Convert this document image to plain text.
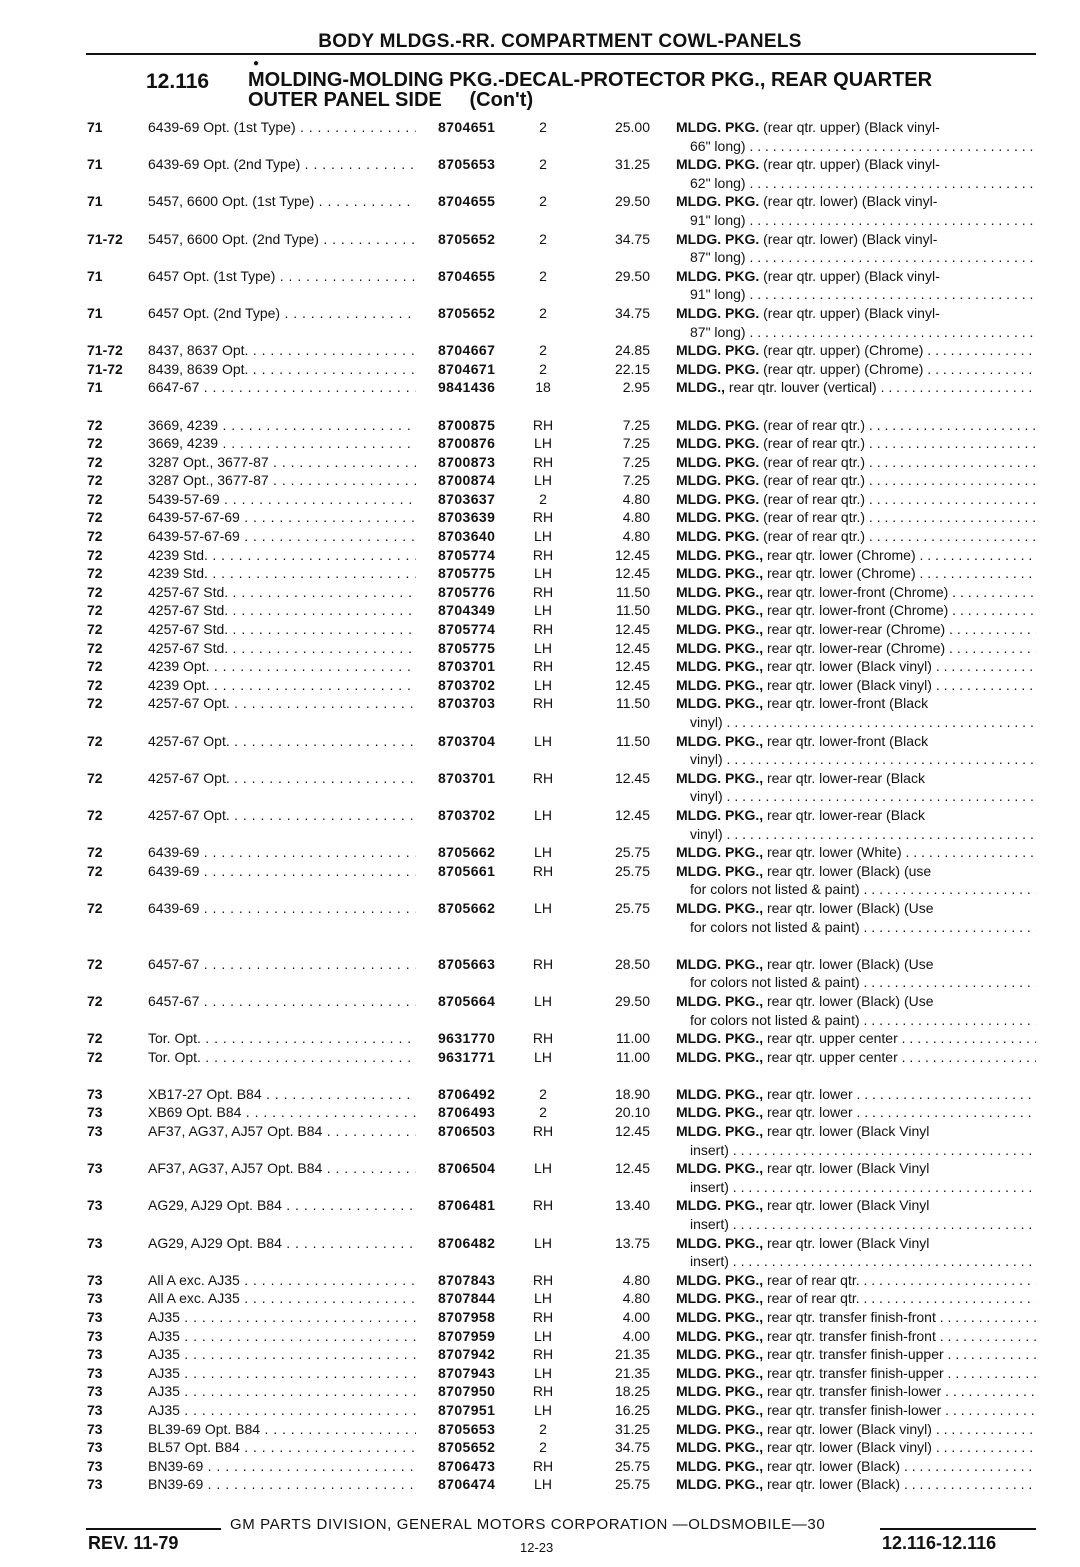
BODY MLDGS.-RR. COMPARTMENT COWL-PANELS
●
12.116 MOLDING-MOLDING PKG.-DECAL-PROTECTOR PKG., REAR QUARTER
OUTER PANEL SIDE     (Con't)
71	6439-69 Opt. (1st Type) . . .	8704651	2	25.00 MLDG. PKG. (rear qtr. upper) (Black vinyl-
66" long) . . .
71	6439-69 Opt. (2nd Type) . . .	8705653	2	31.25 MLDG. PKG. (rear qtr. upper) (Black vinyl-
62" long) . . .
71	5457, 6600 Opt. (1st Type) . . .	8704655	2	29.50 MLDG. PKG. (rear qtr. lower) (Black vinyl-
91" long) . . .
71-72 5457, 6600 Opt. (2nd Type) . . .	8705652	2	34.75 MLDG. PKG. (rear qtr. lower) (Black vinyl-
87" long) . . .
71	6457 Opt. (1st Type) . . .	8704655	2	29.50 MLDG. PKG. (rear qtr. upper) (Black vinyl-
91" long) . . .
71	6457 Opt. (2nd Type) . . .	8705652	2	34.75 MLDG. PKG. (rear qtr. upper) (Black vinyl-
87" long) . . .
71-72 8437, 8637 Opt. . . .	8704667	2	24.85 MLDG. PKG. (rear qtr. upper) (Chrome) . . .
71-72 8439, 8639 Opt. . . .	8704671	2	22.15 MLDG. PKG. (rear qtr. upper) (Chrome) . . .
71	6647-67 . . .	9841436	18	2.95 MLDG., rear qtr. louver (vertical) . . .
72	3669, 4239 . . .	8700875	RH	7.25 MLDG. PKG. (rear of rear qtr.) . . .
72	3669, 4239 . . .	8700876	LH	7.25 MLDG. PKG. (rear of rear qtr.) . . .
72	3287 Opt., 3677-87 . . .	8700873	RH	7.25 MLDG. PKG. (rear of rear qtr.) . . .
72	3287 Opt., 3677-87 . . .	8700874	LH	7.25 MLDG. PKG. (rear of rear qtr.) . . .
72	5439-57-69 . . .	8703637	2	4.80 MLDG. PKG. (rear of rear qtr.) . . .
72	6439-57-67-69 . . .	8703639	RH	4.80 MLDG. PKG. (rear of rear qtr.) . . .
72	6439-57-67-69 . . .	8703640	LH	4.80 MLDG. PKG. (rear of rear qtr.) . . .
72	4239 Std. . . .	8705774	RH	12.45 MLDG. PKG., rear qtr. lower (Chrome) . . .
72	4239 Std. . . .	8705775	LH	12.45 MLDG. PKG., rear qtr. lower (Chrome) . . .
72	4257-67 Std. . . .	8705776	RH	11.50 MLDG. PKG., rear qtr. lower-front (Chrome) . . .
72	4257-67 Std. . . .	8704349	LH	11.50 MLDG. PKG., rear qtr. lower-front (Chrome) . . .
72	4257-67 Std. . . .	8705774	RH	12.45 MLDG. PKG., rear qtr. lower-rear (Chrome) . . .
72	4257-67 Std. . . .	8705775	LH	12.45 MLDG. PKG., rear qtr. lower-rear (Chrome) . . .
72	4239 Opt. . . .	8703701	RH	12.45 MLDG. PKG., rear qtr. lower (Black vinyl) . . .
72	4239 Opt. . . .	8703702	LH	12.45 MLDG. PKG., rear qtr. lower (Black vinyl) . . .
72	4257-67 Opt. . . .	8703703	RH	11.50 MLDG. PKG., rear qtr. lower-front (Black
vinyl) . . .
72	4257-67 Opt. . . .	8703704	LH	11.50 MLDG. PKG., rear qtr. lower-front (Black
vinyl) . . .
72	4257-67 Opt. . . .	8703701	RH	12.45 MLDG. PKG., rear qtr. lower-rear (Black
vinyl) . . .
72	4257-67 Opt. . . .	8703702	LH	12.45 MLDG. PKG., rear qtr. lower-rear (Black
vinyl) . . .
72	6439-69 . . .	8705662	LH	25.75 MLDG. PKG., rear qtr. lower (White) . . .
72	6439-69 . . .	8705661	RH	25.75 MLDG. PKG., rear qtr. lower (Black) (use
for colors not listed & paint) . . .
72	6439-69 . . .	8705662	LH	25.75 MLDG. PKG., rear qtr. lower (Black) (Use
for colors not listed & paint) . . .
72	6457-67 . . .	8705663	RH	28.50 MLDG. PKG., rear qtr. lower (Black) (Use
for colors not listed & paint) . . .
72	6457-67 . . .	8705664	LH	29.50 MLDG. PKG., rear qtr. lower (Black) (Use
for colors not listed & paint) . . .
72	Tor. Opt. . . .	9631770	RH	11.00 MLDG. PKG., rear qtr. upper center . . .
72	Tor. Opt. . . .	9631771	LH	11.00 MLDG. PKG., rear qtr. upper center . . .
73	XB17-27 Opt. B84 . . .	8706492	2	18.90 MLDG. PKG., rear qtr. lower . . .
73	XB69 Opt. B84 . . .	8706493	2	20.10 MLDG. PKG., rear qtr. lower . . .
73	AF37, AG37, AJ57 Opt. B84 . . .	8706503	RH	12.45 MLDG. PKG., rear qtr. lower (Black Vinyl
insert) . . .
73	AF37, AG37, AJ57 Opt. B84 . . .	8706504	LH	12.45 MLDG. PKG., rear qtr. lower (Black Vinyl
insert) . . .
73	AG29, AJ29 Opt. B84 . . .	8706481	RH	13.40 MLDG. PKG., rear qtr. lower (Black Vinyl
insert) . . .
73	AG29, AJ29 Opt. B84 . . .	8706482	LH	13.75 MLDG. PKG., rear qtr. lower (Black Vinyl
insert) . . .
73	All A exc. AJ35 . . .	8707843	RH	4.80 MLDG. PKG., rear of rear qtr. . . .
73	All A exc. AJ35 . . .	8707844	LH	4.80 MLDG. PKG., rear of rear qtr. . . .
73	AJ35 . . .	8707958	RH	4.00 MLDG. PKG., rear qtr. transfer finish-front . . .
73	AJ35 . . .	8707959	LH	4.00 MLDG. PKG., rear qtr. transfer finish-front . . .
73	AJ35 . . .	8707942	RH	21.35 MLDG. PKG., rear qtr. transfer finish-upper . . .
73	AJ35 . . .	8707943	LH	21.35 MLDG. PKG., rear qtr. transfer finish-upper . . .
73	AJ35 . . .	8707950	RH	18.25 MLDG. PKG., rear qtr. transfer finish-lower . . .
73	AJ35 . . .	8707951	LH	16.25 MLDG. PKG., rear qtr. transfer finish-lower . . .
73	BL39-69 Opt. B84 . . .	8705653	2	31.25 MLDG. PKG., rear qtr. lower (Black vinyl) . . .
73	BL57 Opt. B84 . . .	8705652	2	34.75 MLDG. PKG., rear qtr. lower (Black vinyl) . . .
73	BN39-69 . . .	8706473	RH	25.75 MLDG. PKG., rear qtr. lower (Black) . . .
73	BN39-69 . . .	8706474	LH	25.75 MLDG. PKG., rear qtr. lower (Black) . . .
GM PARTS DIVISION, GENERAL MOTORS CORPORATION —OLDSMOBILE—30
REV. 11-79	12-23	12.116-12.116
